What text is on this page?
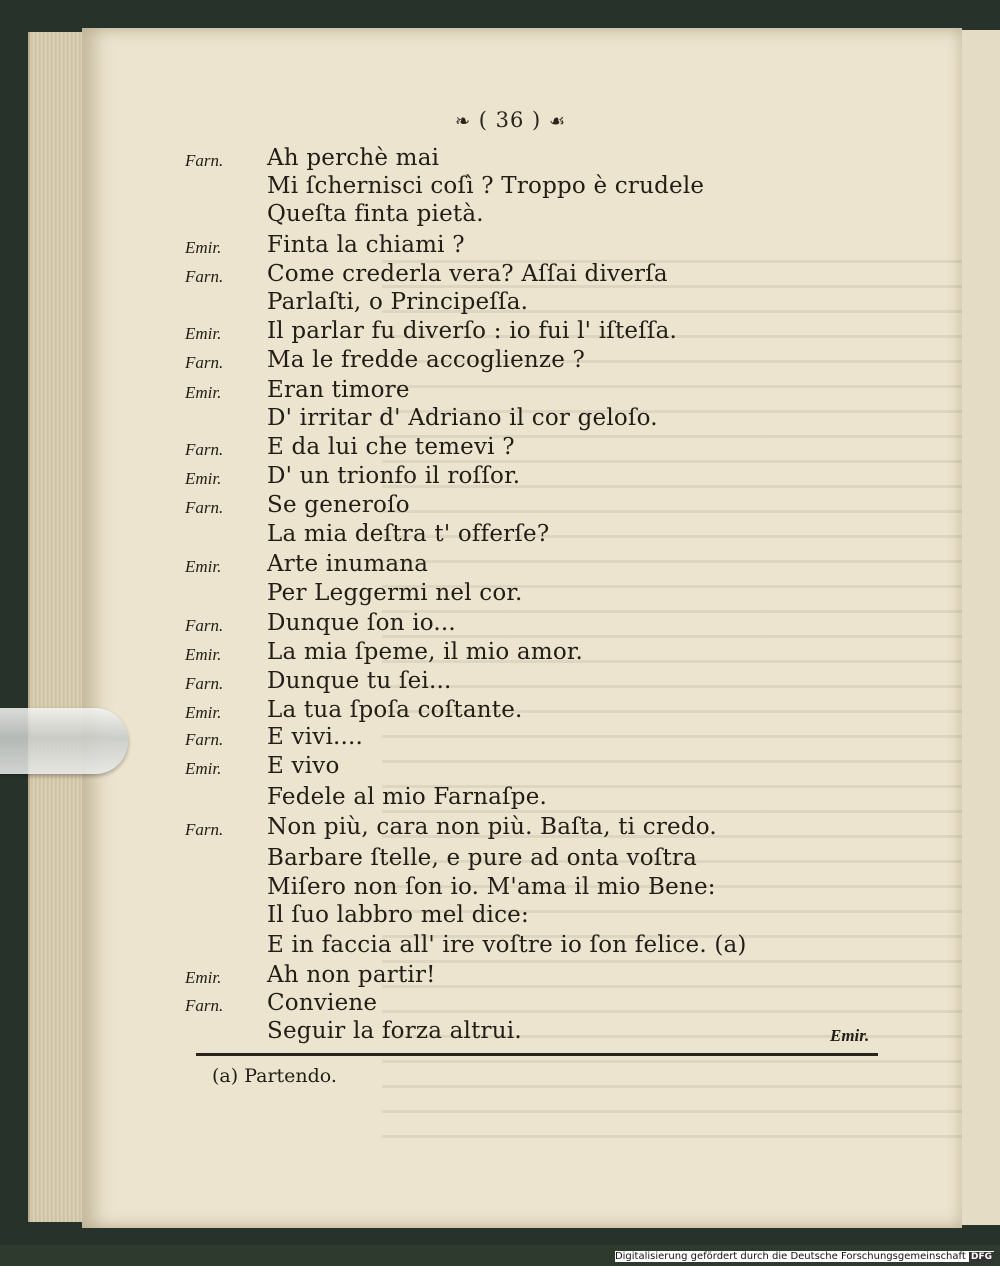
❧ ( 36 ) ☙
Farn.	Ah perchè mai
Mi ſchernisci coſì ? Troppo è crudele
Queſta finta pietà.
Emir.	Finta la chiami ?
Farn.	Come crederla vera? Aſſai diverſa
Parlaſti, o Principeſſa.
Emir.	Il parlar fu diverſo : io fui l' iſteſſa.
Farn.	Ma le fredde accoglienze ?
Emir.	Eran timore
D' irritar d' Adriano il cor geloſo.
Farn.	E da lui che temevi ?
Emir.	D' un trionfo il roſſor.
Farn.	Se generoſo
La mia deſtra t' offerſe?
Emir.	Arte inumana
Per Leggermi nel cor.
Farn.	Dunque ſon io...
Emir.	La mia ſpeme, il mio amor.
Farn.	Dunque tu ſei...
Emir.	La tua ſpoſa coſtante.
Farn.	E vivi....
Emir.	E vivo
Fedele al mio Farnaſpe.
Farn.	Non più, cara non più. Baſta, ti credo.
Barbare ſtelle, e pure ad onta voſtra
Miſero non ſon io. M'ama il mio Bene:
Il ſuo labbro mel dice:
E in faccia all' ire voſtre io ſon felice. (a)
Emir.	Ah non partir!
Farn.	Conviene
Seguir la forza altrui.	Emir.
(a) Partendo.
Digitalisierung gefördert durch die Deutsche Forschungsgemeinschaft DFG
